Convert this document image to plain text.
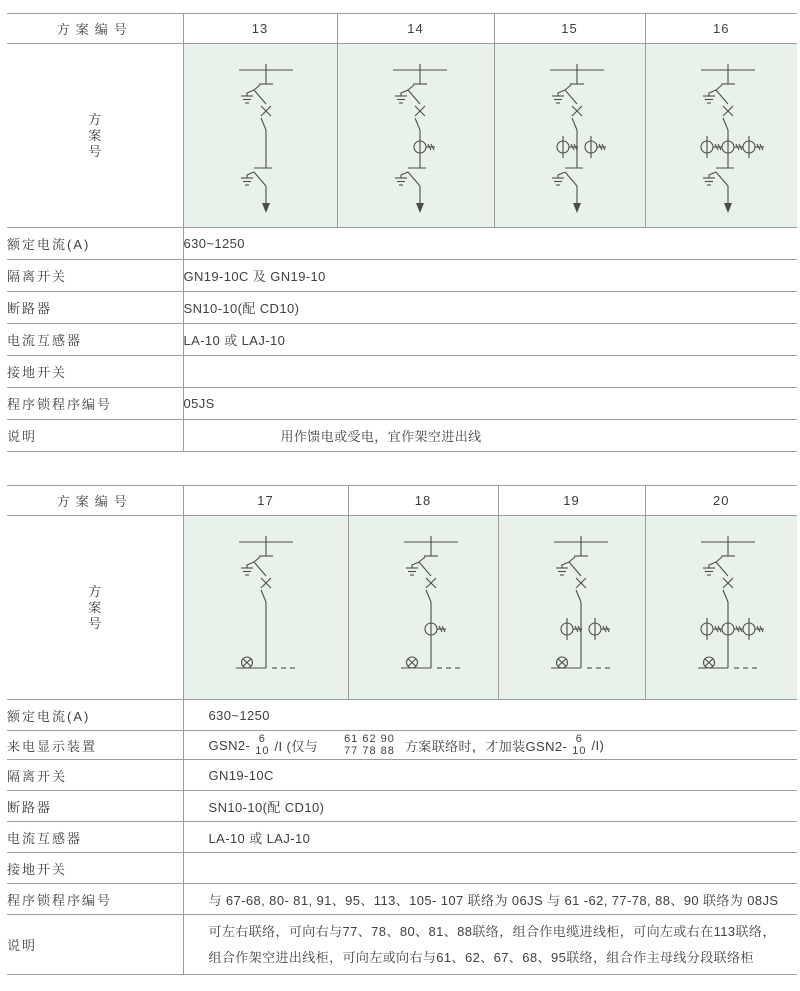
方案编号	13	14	15	16

方案号

额定电流(A)	630~1250			
隔离开关	GN19-10C 及 GN19-10			
断路器	SN10-10(配 CD10)			
电流互感器	LA-10 或 LAJ-10			
接地开关				
程序锁程序编号	05JS			
说明	用作馈电或受电，宜作架空进出线			
方案编号	17	18	19	20

方案号

额定电流(A)	630~1250			
来电显示装置	GSN2- 6
10 /I (仅与 61 62 90
77 78 88 方案联络时，才加装GSN2- 6
10 /I)

隔离开关	GN19-10C			
断路器	SN10-10(配 CD10)			
电流互感器	LA-10 或 LAJ-10			
接地开关				
程序锁程序编号	与 67-68, 80- 81, 91、95、113、105- 107 联络为 06JS 与 61 -62, 77-78, 88、90 联络为 08JS			
说明	可左右联络，可向右与77、78、80、81、88联络，组合作电缆进线柜，可向左或右在113联络，
组合作架空进出线柜，可向左或向右与61、62、67、68、95联络，组合作主母线分段联络柜			
